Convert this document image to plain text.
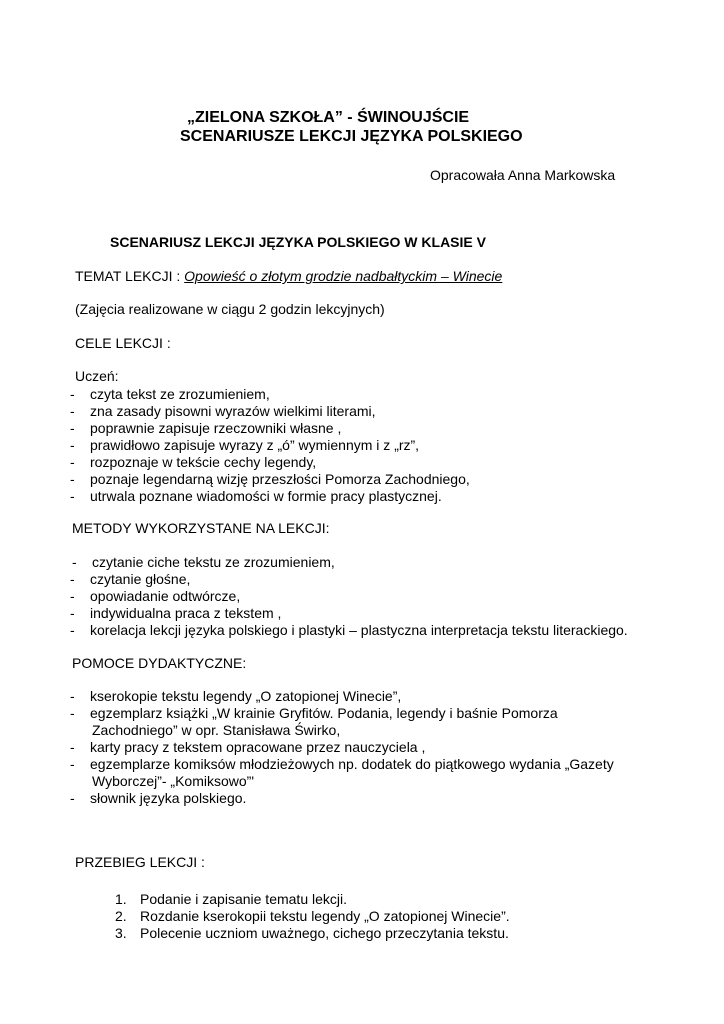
„ZIELONA SZKOŁA” - ŚWINOUJŚCIE
SCENARIUSZE LEKCJI JĘZYKA POLSKIEGO
Opracowała Anna Markowska
SCENARIUSZ LEKCJI JĘZYKA POLSKIEGO W KLASIE V
TEMAT LEKCJI : Opowieść o złotym grodzie nadbałtyckim – Winecie
(Zajęcia realizowane w ciągu 2 godzin lekcyjnych)
CELE LEKCJI :
Uczeń:
-	czyta tekst ze zrozumieniem,
-	zna zasady pisowni wyrazów wielkimi literami,
-	poprawnie zapisuje rzeczowniki własne ,
-	prawidłowo zapisuje wyrazy z „ó” wymiennym i z „rz”,
-	rozpoznaje w tekście cechy legendy,
-	poznaje legendarną wizję przeszłości Pomorza Zachodniego,
-	utrwala poznane wiadomości w formie pracy plastycznej.
METODY WYKORZYSTANE NA LEKCJI:
-	czytanie ciche tekstu ze zrozumieniem,
-	czytanie głośne,
-	opowiadanie odtwórcze,
-	indywidualna praca z tekstem ,
-	korelacja lekcji języka polskiego i plastyki – plastyczna interpretacja tekstu literackiego.
POMOCE DYDAKTYCZNE:
-	kserokopie tekstu legendy „O zatopionej Winecie”,
-	egzemplarz książki „W krainie Gryfitów. Podania, legendy i baśnie Pomorza
Zachodniego” w opr. Stanisława Świrko,
-	karty pracy z tekstem opracowane przez nauczyciela ,
-	egzemplarze komiksów młodzieżowych np. dodatek do piątkowego wydania „Gazety
Wyborczej”- „Komiksowo”'
-	słownik języka polskiego.
PRZEBIEG LEKCJI :
1. Podanie i zapisanie tematu lekcji.
2. Rozdanie kserokopii tekstu legendy „O zatopionej Winecie”.
3. Polecenie uczniom uważnego, cichego przeczytania tekstu.
